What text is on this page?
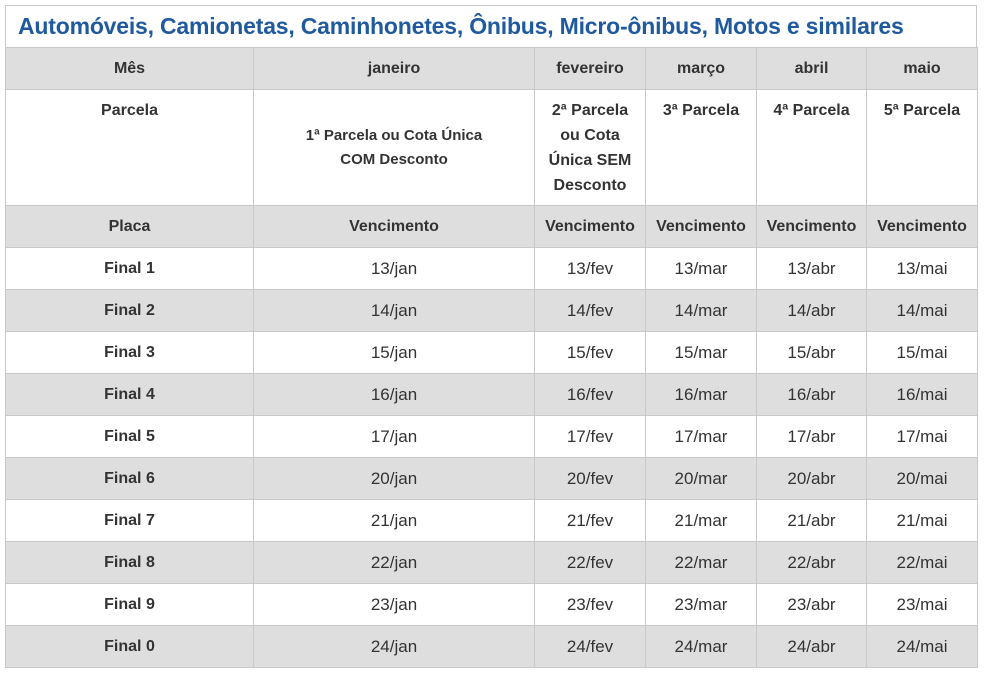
Automóveis, Camionetas, Caminhonetes, Ônibus, Micro-ônibus, Motos e similares
Mês	janeiro	fevereiro	março	abril	maio
Parcela	1ª Parcela ou Cota Única COM Desconto	2ª Parcela ou Cota Única SEM Desconto	3ª Parcela	4ª Parcela	5ª Parcela

Placa	Vencimento	Vencimento	Vencimento	Vencimento	Vencimento
Final 1	13/jan	13/fev	13/mar	13/abr	13/mai
Final 2	14/jan	14/fev	14/mar	14/abr	14/mai
Final 3	15/jan	15/fev	15/mar	15/abr	15/mai
Final 4	16/jan	16/fev	16/mar	16/abr	16/mai
Final 5	17/jan	17/fev	17/mar	17/abr	17/mai
Final 6	20/jan	20/fev	20/mar	20/abr	20/mai
Final 7	21/jan	21/fev	21/mar	21/abr	21/mai
Final 8	22/jan	22/fev	22/mar	22/abr	22/mai
Final 9	23/jan	23/fev	23/mar	23/abr	23/mai
Final 0	24/jan	24/fev	24/mar	24/abr	24/mai
